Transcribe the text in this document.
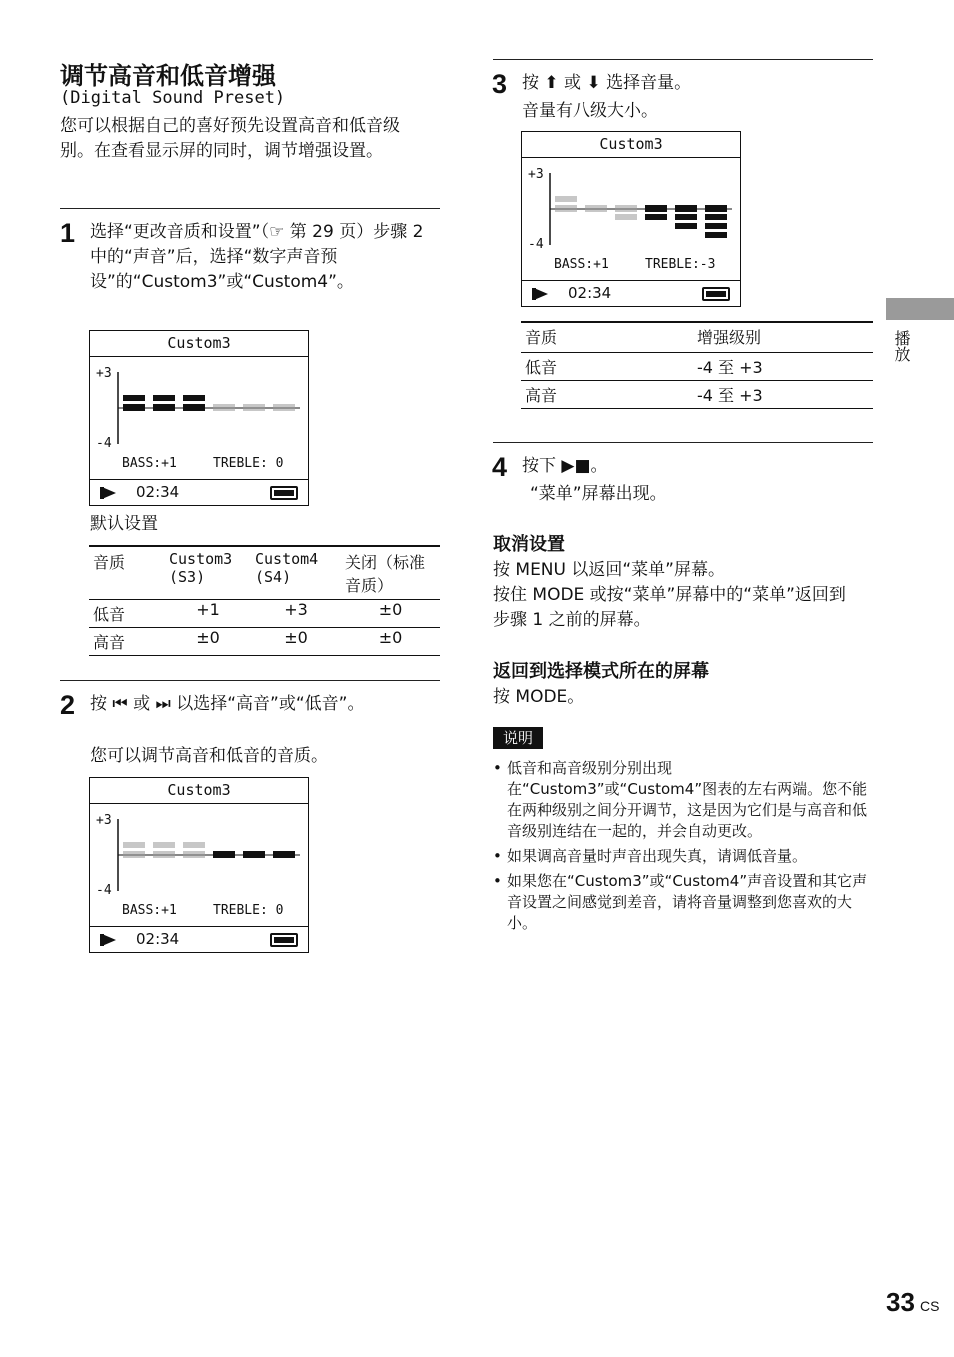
调节高音和低音增强
(Digital Sound Preset)
您可以根据自己的喜好预先设置高音和低音级别。在查看显示屏的同时，调节增强设置。
1 选择“更改音质和设置”（☞ 第 29 页）步骤 2 中的“声音”后，选择“数字声音预设”的“Custom3”或“Custom4”。
Custom3
+3
-4
BASS:+1	TREBLE: 0
02:34
默认设置
音质	Custom3 (S3)	Custom4 (S4)	关闭（标准音质）
低音	+1	+3	±0
高音	±0	±0	±0
2 按 ⏮ 或 ⏭ 以选择“高音”或“低音”。
您可以调节高音和低音的音质。
Custom3
+3
-4
BASS:+1	TREBLE: 0
02:34
3 按 ⬆ 或 ⬇ 选择音量。
音量有八级大小。
Custom3
+3
-4
BASS:+1	TREBLE:-3
02:34
音质	增强级别
低音	-4 至 +3
高音	-4 至 +3
4 按下 ▶■。
“菜单”屏幕出现。
取消设置
按 MENU 以返回“菜单”屏幕。
按住 MODE 或按“菜单”屏幕中的“菜单”返回到步骤 1 之前的屏幕。
返回到选择模式所在的屏幕
按 MODE。
说明
• 低音和高音级别分别出现在“Custom3”或“Custom4”图表的左右两端。您不能在两种级别之间分开调节，这是因为它们是与高音和低音级别连结在一起的，并会自动更改。
• 如果调高音量时声音出现失真，请调低音量。
• 如果您在“Custom3”或“Custom4”声音设置和其它声音设置之间感觉到差音，请将音量调整到您喜欢的大小。
播放
33 CS
